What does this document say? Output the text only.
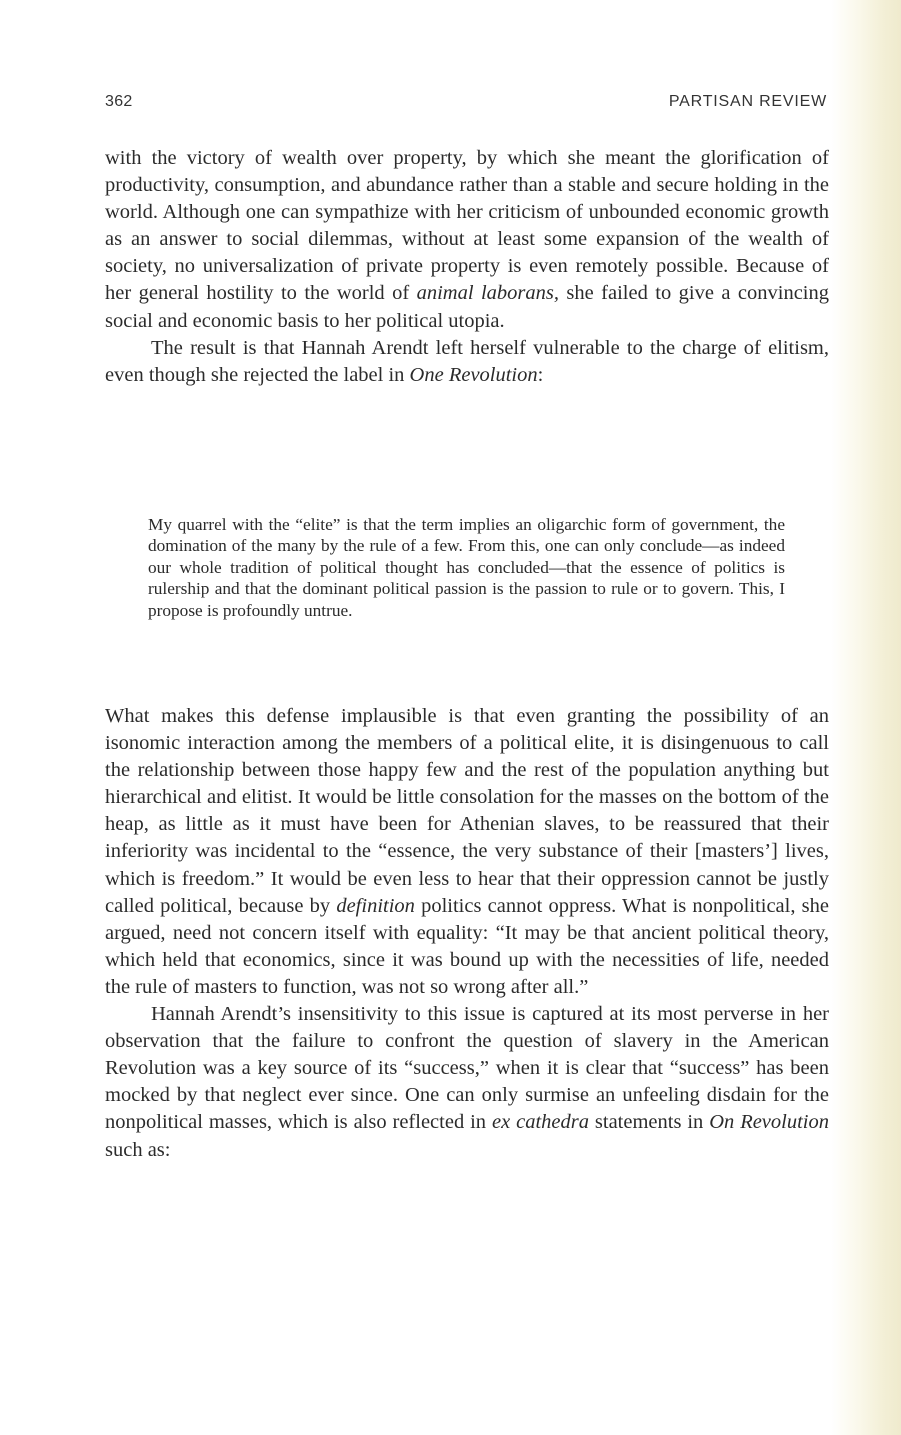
362	PARTISAN REVIEW

with the victory of wealth over property, by which she meant the glorification of productivity, consumption, and abundance rather than a stable and secure holding in the world. Although one can sympathize with her criticism of unbounded economic growth as an answer to social dilemmas, without at least some expansion of the wealth of society, no universalization of private property is even remotely possible. Because of her general hostility to the world of animal laborans, she failed to give a convincing social and economic basis to her political utopia.

The result is that Hannah Arendt left herself vulnerable to the charge of elitism, even though she rejected the label in One Revolution:

My quarrel with the “elite” is that the term implies an oligarchic form of government, the domination of the many by the rule of a few. From this, one can only conclude—as indeed our whole tradition of political thought has concluded—that the essence of politics is rulership and that the dominant political passion is the passion to rule or to govern. This, I propose is profoundly untrue.

What makes this defense implausible is that even granting the possibility of an isonomic interaction among the members of a political elite, it is disingenuous to call the relationship between those happy few and the rest of the population anything but hierarchical and elitist. It would be little consolation for the masses on the bottom of the heap, as little as it must have been for Athenian slaves, to be reassured that their inferiority was incidental to the “essence, the very substance of their [masters’] lives, which is freedom.” It would be even less to hear that their oppression cannot be justly called political, because by definition politics cannot oppress. What is nonpolitical, she argued, need not concern itself with equality: “It may be that ancient political theory, which held that economics, since it was bound up with the necessities of life, needed the rule of masters to function, was not so wrong after all.”

Hannah Arendt’s insensitivity to this issue is captured at its most perverse in her observation that the failure to confront the question of slavery in the American Revolution was a key source of its “success,” when it is clear that “success” has been mocked by that neglect ever since. One can only surmise an unfeeling disdain for the nonpolitical masses, which is also reflected in ex cathedra statements in On Revolution such as:
